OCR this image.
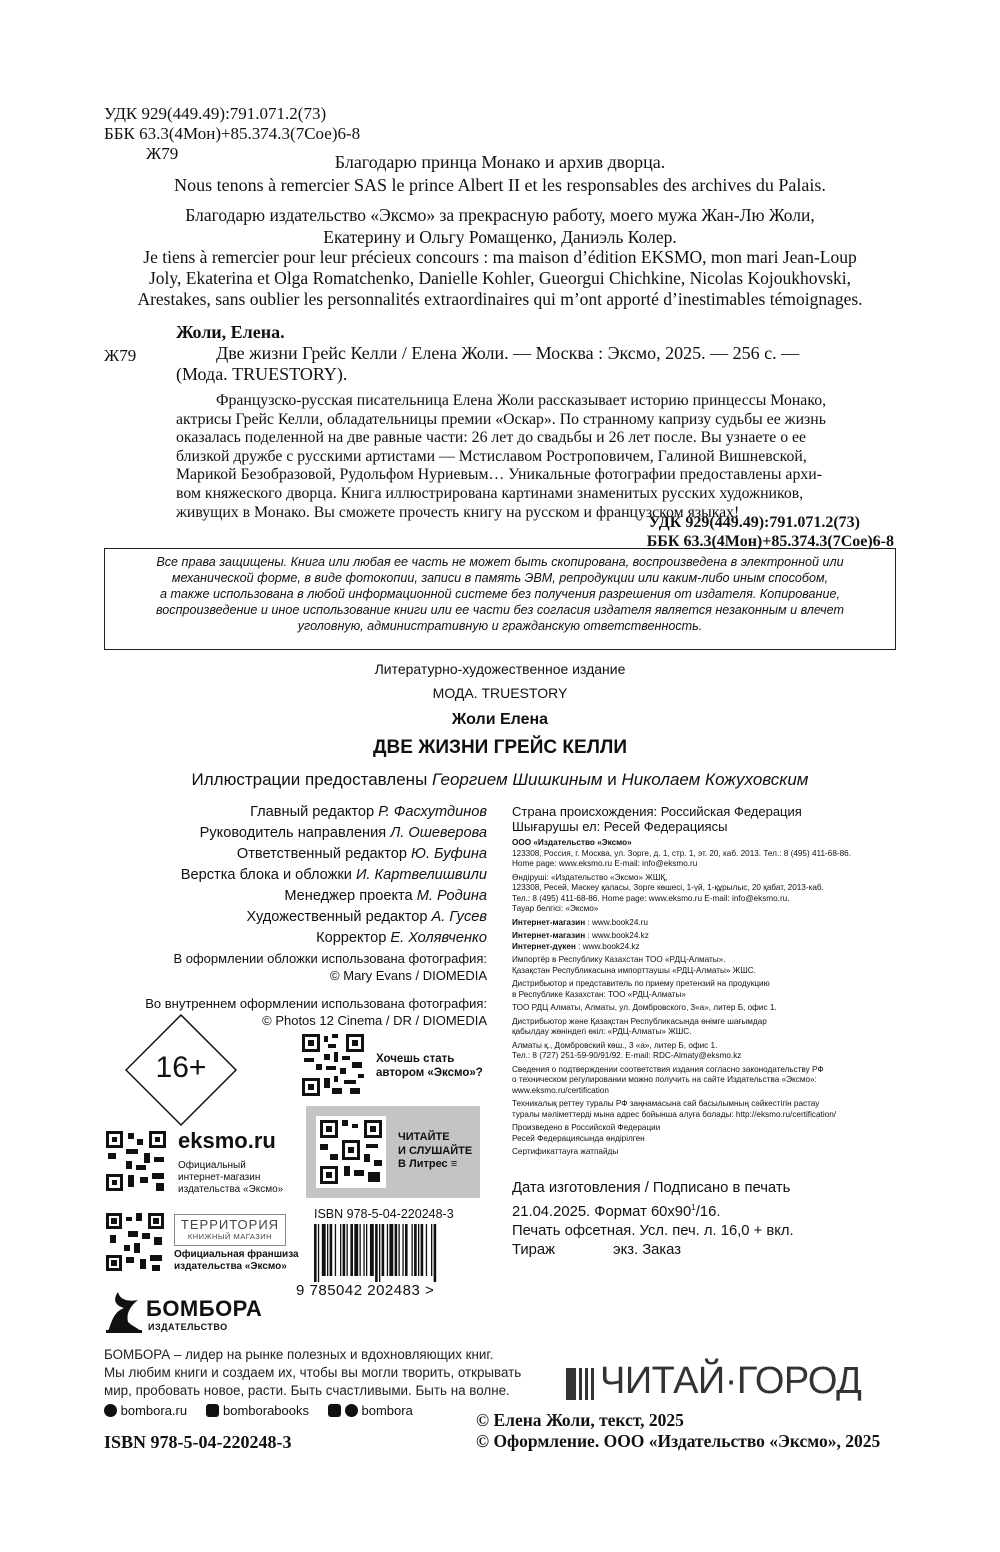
УДК 929(449.49):791.071.2(73)
ББК 63.3(4Мон)+85.374.3(7Сое)6-8
Ж79	Благодарю принца Монако и архив дворца.
Nous tenons à remercier SAS le prince Albert II et les responsables des archives du Palais.
Благодарю издательство «Эксмо» за прекрасную работу, моего мужа Жан-Лю Жоли,
Екатерину и Ольгу Ромащенко, Даниэль Колер.
Je tiens à remercier pour leur précieux concours : ma maison d’édition EKSMO, mon mari Jean-Loup
Joly, Ekaterina et Olga Romatchenko, Danielle Kohler, Gueorgui Chichkine, Nicolas Kojoukhovski,
Arestakes, sans oublier les personnalités extraordinaires qui m’ont apporté d’inestimables témoignages.
Жоли, Елена.
Ж79	Две жизни Грейс Келли / Елена Жоли. — Москва : Эксмо, 2025. — 256 с. —
(Мода. TRUESTORY).
Французско-русская писательница Елена Жоли рассказывает историю принцессы Монако,
актрисы Грейс Келли, обладательницы премии «Оскар». По странному капризу судьбы ее жизнь
оказалась поделенной на две равные части: 26 лет до свадьбы и 26 лет после. Вы узнаете о ее
близкой дружбе с русскими артистами — Мстиславом Ростроповичем, Галиной Вишневской,
Марикой Безобразовой, Рудольфом Нуриевым… Уникальные фотографии предоставлены архи-
вом княжеского дворца. Книга иллюстрирована картинами знаменитых русских художников,
живущих в Монако. Вы сможете прочесть книгу на русском и французском языках!
УДК 929(449.49):791.071.2(73)
ББК 63.3(4Мон)+85.374.3(7Сое)6-8

Все права защищены. Книга или любая ее часть не может быть скопирована, воспроизведена в электронной или
механической форме, в виде фотокопии, записи в память ЭВМ, репродукции или каким-либо иным способом,
а также использована в любой информационной системе без получения разрешения от издателя. Копирование,
воспроизведение и иное использование книги или ее части без согласия издателя является незаконным и влечет
уголовную, административную и гражданскую ответственность.

Литературно-художественное издание
МОДА. TRUESTORY
Жоли Елена
ДВЕ ЖИЗНИ ГРЕЙС КЕЛЛИ
Иллюстрации предоставлены Георгием Шишкиным и Николаем Кожуховским
Главный редактор Р. Фасхутдинов
Руководитель направления Л. Ошеверова
Ответственный редактор Ю. Буфина
Верстка блока и обложки И. Картвелишвили
Менеджер проекта М. Родина
Художественный редактор А. Гусев
Корректор Е. Холявченко
В оформлении обложки использована фотография:
© Mary Evans / DIOMEDIA
Во внутреннем оформлении использована фотография:
© Photos 12 Cinema / DR / DIOMEDIA
16+	Хочешь стать
автором «Эксмо»?
ЧИТАЙТЕ
И СЛУШАЙТЕ
В Литрес ≡
eksmo.ru
Официальный
интернет-магазин
издательства «Эксмо»
ТЕРРИТОРИЯ
КНИЖНЫЙ МАГАЗИН
Официальная франшиза
издательства «Эксмо»
БОМБОРА
ИЗДАТЕЛЬСТВО
ISBN 978-5-04-220248-3
9 785042 202483 >
Страна происхождения: Российская Федерация
Шығарушы ел: Ресей Федерациясы
ООО «Издательство «Эксмо»
123308, Россия, г. Москва, ул. Зорге, д. 1, стр. 1, эт. 20, каб. 2013. Тел.: 8 (495) 411-68-86.
Home page: www.eksmo.ru E-mail: info@eksmo.ru
Өндіруші: «Издательство «Эксмо» ЖШҚ,
123308, Ресей, Мәскеу қаласы, Зорге көшесі, 1-үй, 1-құрылыс, 20 қабат, 2013-каб.
Тел.: 8 (495) 411-68-86. Home page: www.eksmo.ru E-mail: info@eksmo.ru.
Тауар белгісі: «Эксмо»
Интернет-магазин : www.book24.ru
Интернет-магазин : www.book24.kz
Интернет-дүкен : www.book24.kz
Импортёр в Республику Казахстан ТОО «РДЦ-Алматы».
Қазақстан Республикасына импорттаушы «РДЦ-Алматы» ЖШС.
Дистрибьютор и представитель по приему претензий на продукцию
в Республике Казахстан: ТОО «РДЦ-Алматы»
ТОО РДЦ Алматы, Алматы, ул. Домбровского, 3«а», литер Б, офис 1.
Дистрибьютор және Қазақстан Республикасында өнімге шағымдар
қабылдау жөніндегі өкіл: «РДЦ-Алматы» ЖШС.
Алматы қ., Домбровский көш., 3 «а», литер Б, офис 1.
Тел.: 8 (727) 251-59-90/91/92. E-mail: RDC-Almaty@eksmo.kz
Сведения о подтверждении соответствия издания согласно законодательству РФ
о техническом регулировании можно получить на сайте Издательства «Эксмо»:
www.eksmo.ru/certification
Техникалық реттеу туралы РФ заңнамасына сай басылымның сәйкестігін растау
туралы мәліметтерді мына адрес бойынша алуға болады: http://eksmo.ru/certification/
Произведено в Российской Федерации
Ресей Федерациясында өндірілген
Сертификаттауға жатпайды
Дата изготовления / Подписано в печать
21.04.2025. Формат $60х90^1/16$.
Печать офсетная. Усл. печ. л. 16,0 + вкл.
Тираж	экз. Заказ
ЧИТАЙ·ГОРОД
БОМБОРА – лидер на рынке полезных и вдохновляющих книг.
Мы любим книги и создаем их, чтобы вы могли творить, открывать
мир, пробовать новое, расти. Быть счастливыми. Быть на волне.
bombora.ru	bomborabooks	bombora
ISBN 978-5-04-220248-3
© Елена Жоли, текст, 2025
© Оформление. ООО «Издательство «Эксмо», 2025
